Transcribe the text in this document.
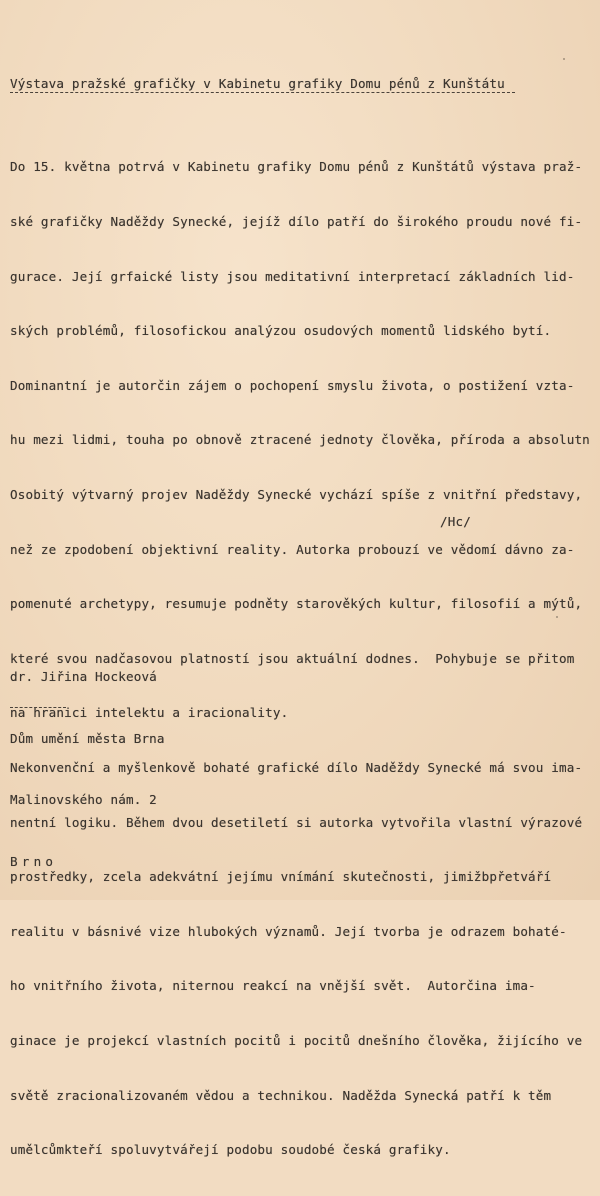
Výstava pražské grafičky v Kabinetu grafiky Domu pénů z Kunštátu

Do 15. května potrvá v Kabinetu grafiky Domu pénů z Kunštátů výstava praž-

ské grafičky Naděždy Synecké, jejíž dílo patří do širokého proudu nové fi-

gurace. Její grfaické listy jsou meditativní interpretací základních lid-

ských problémů, filosofickou analýzou osudových momentů lidského bytí.

Dominantní je autorčin zájem o pochopení smyslu života, o postižení vzta-

hu mezi lidmi, touha po obnově ztracené jednoty člověka, příroda a absolutn

Osobitý výtvarný projev Naděždy Synecké vychází spíše z vnitřní představy,

než ze zpodobení objektivní reality. Autorka probouzí ve vědomí dávno za-

pomenuté archetypy, resumuje podněty starověkých kultur, filosofií a mýtů,

které svou nadčasovou platností jsou aktuální dodnes.  Pohybuje se přitom

na hranici intelektu a iracionality.

Nekonvenční a myšlenkově bohaté grafické dílo Naděždy Synecké má svou ima-

nentní logiku. Během dvou desetiletí si autorka vytvořila vlastní výrazové

prostředky, zcela adekvátní jejímu vnímání skutečnosti, jimižbpřetváří

realitu v básnivé vize hlubokých významů. Její tvorba je odrazem bohaté-

ho vnitřního života, niternou reakcí na vnější svět.  Autorčina ima-

ginace je projekcí vlastních pocitů i pocitů dnešního člověka, žijícího ve

světě zracionalizovaném vědou a technikou. Naděžda Synecká patří k těm

umělcůmkteří spoluvytvářejí podobu soudobé česká grafiky.

/Hc/

dr. Jiřina Hockeová

Dům umění města Brna

Malinovského nám. 2

Brno
